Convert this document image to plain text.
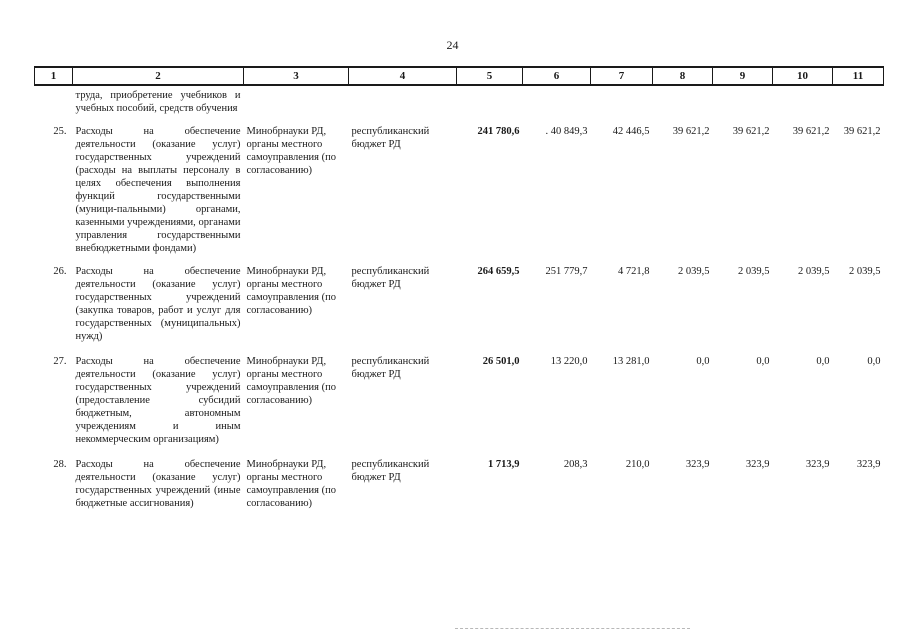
24
1	2	3	4	5	6	7	8	9	10	11
	труда, приобретение учебников и учебных пособий, средств обучения									
25.	Расходы на обеспечение деятельности (оказание услуг) государственных учреждений (расходы на выплаты персоналу в целях обеспечения выполнения функций государственными (муници-пальными) органами, казенными учреждениями, органами управления государственными внебюджетными фондами)	Минобрнауки РД, органы местного самоуправления (по согласованию)	республиканский бюджет РД	241 780,6	. 40 849,3	42 446,5	39 621,2	39 621,2	39 621,2	39 621,2
26.	Расходы на обеспечение деятельности (оказание услуг) государственных учреждений (закупка товаров, работ и услуг для государственных (муниципальных) нужд)	Минобрнауки РД, органы местного самоуправления (по согласованию)	республиканский бюджет РД	264 659,5	251 779,7	4 721,8	2 039,5	2 039,5	2 039,5	2 039,5
27.	Расходы на обеспечение деятельности (оказание услуг) государственных учреждений (предоставление субсидий бюджетным, автономным учреждениям и иным некоммерческим организациям)	Минобрнауки РД, органы местного самоуправления (по согласованию)	республиканский бюджет РД	26 501,0	13 220,0	13 281,0	0,0	0,0	0,0	0,0
28.	Расходы на обеспечение деятельности (оказание услуг) государственных учреждений (иные бюджетные ассигнования)	Минобрнауки РД, органы местного самоуправления (по согласованию)	республиканский бюджет РД	1 713,9	208,3	210,0	323,9	323,9	323,9	323,9
